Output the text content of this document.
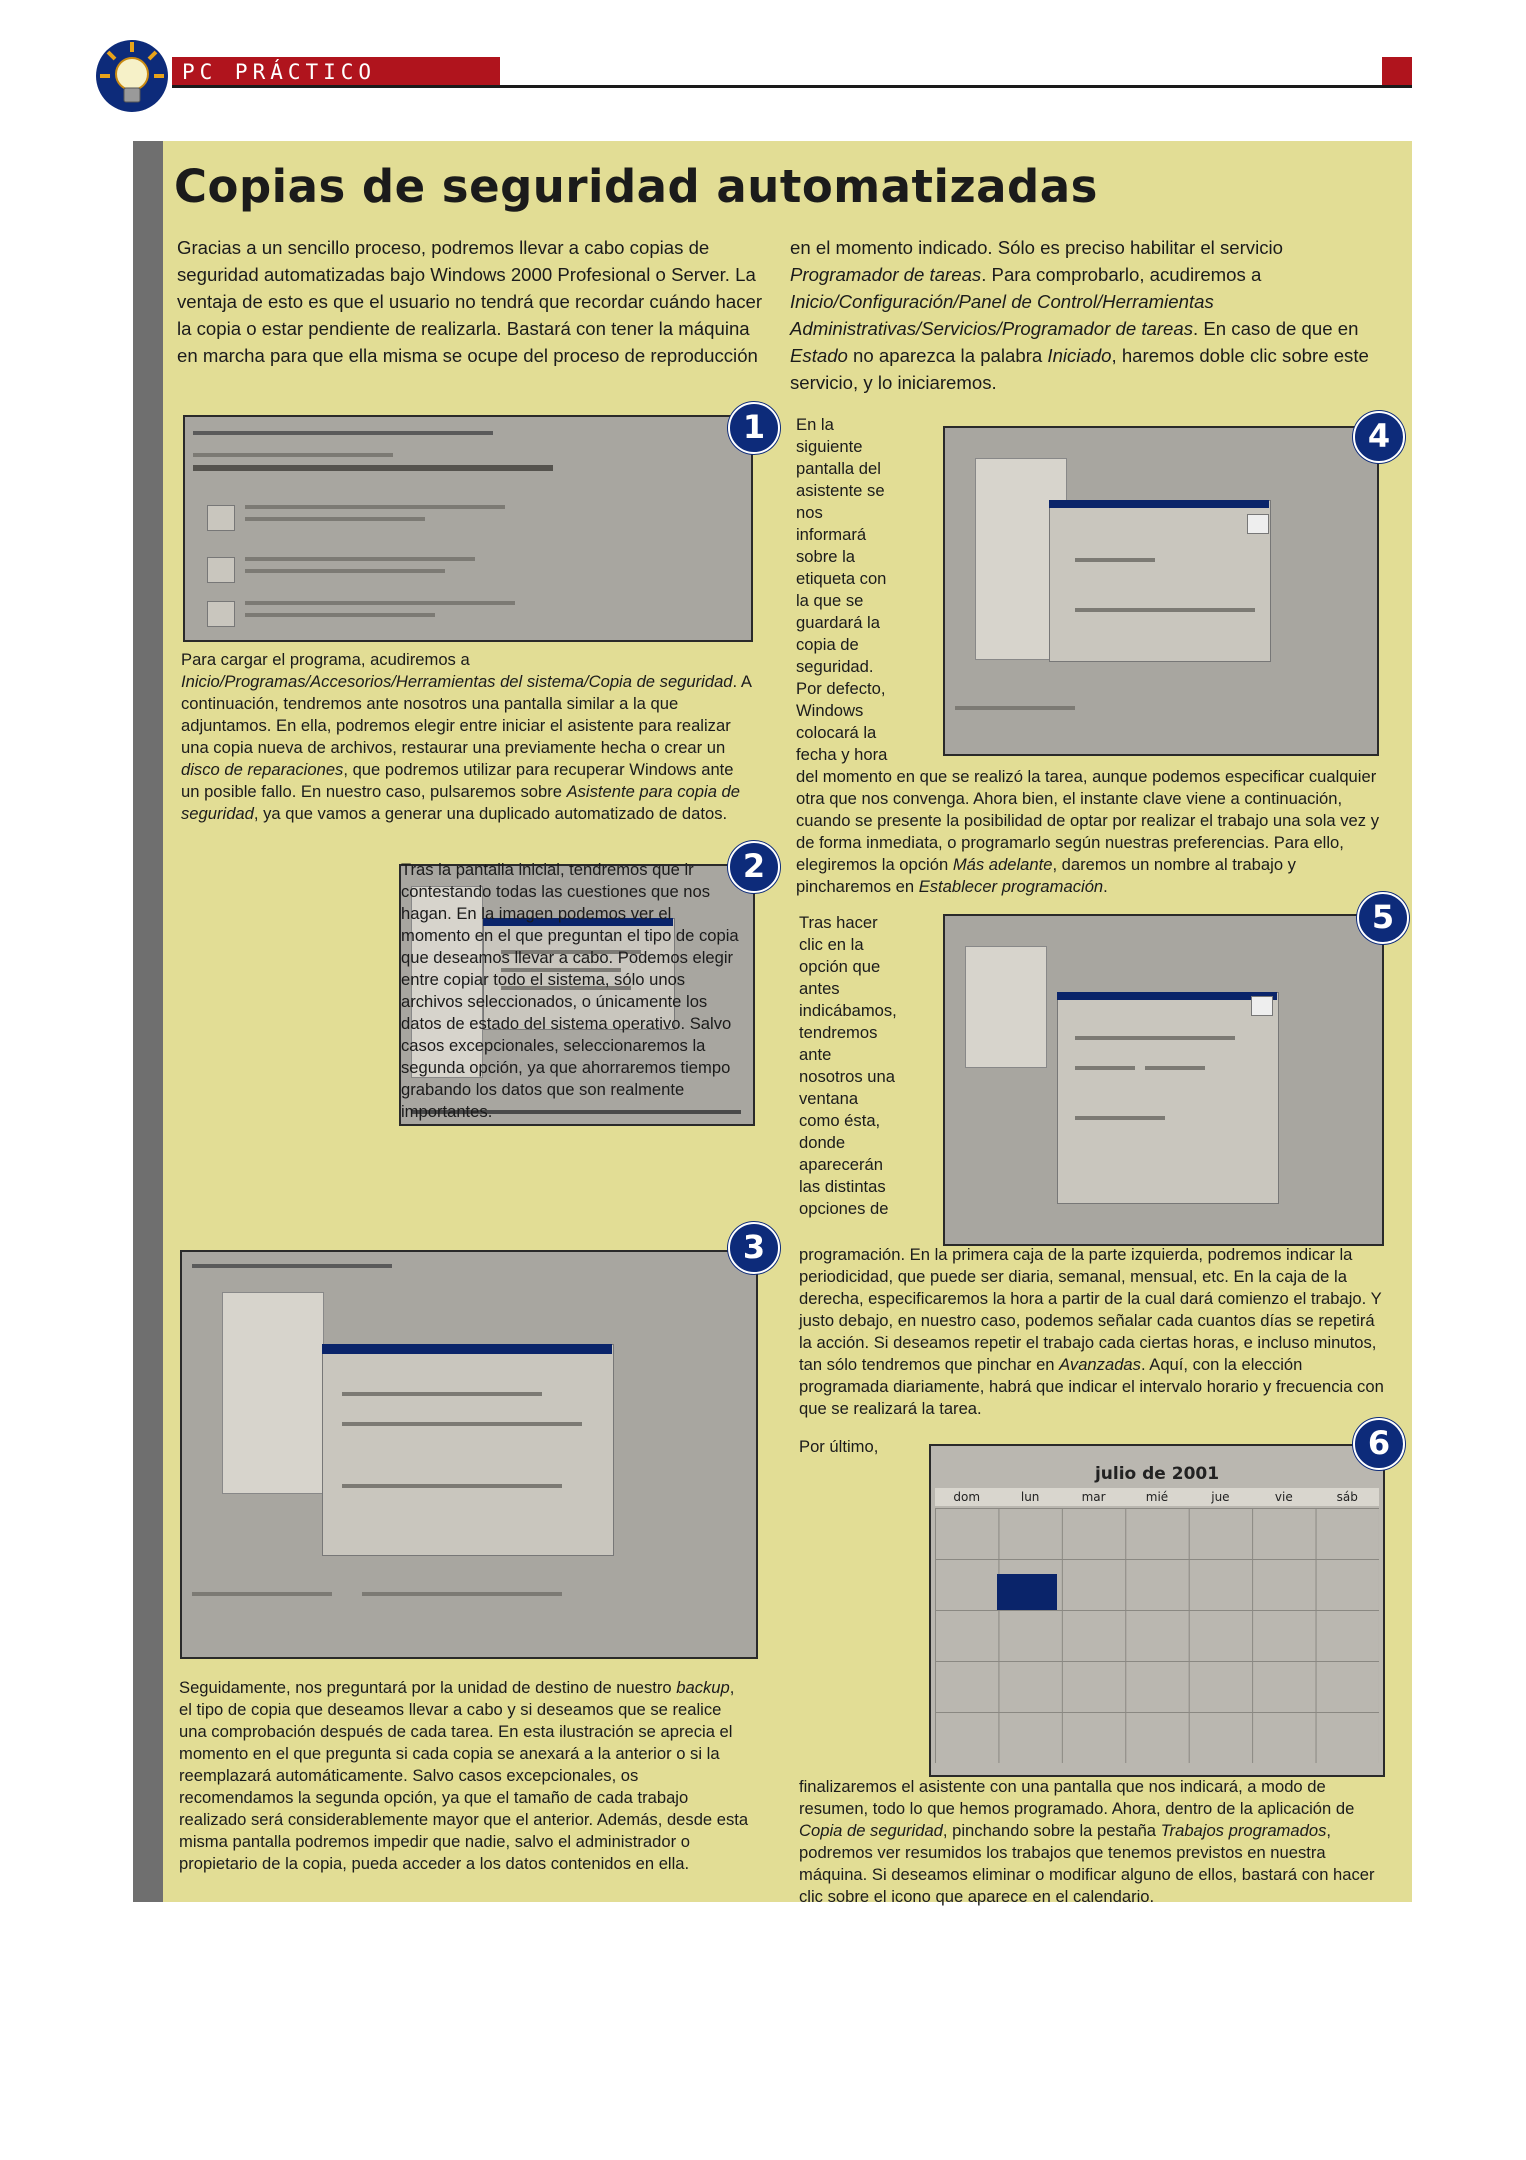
PC PRÁCTICO
Copias de seguridad automatizadas

Gracias a un sencillo proceso, podremos llevar a cabo copias de seguridad automatizadas bajo Windows 2000 Profesional o Server. La ventaja de esto es que el usuario no tendrá que recordar cuándo hacer la copia o estar pendiente de realizarla. Bastará con tener la máquina en marcha para que ella misma se ocupe del proceso de reproducción

en el momento indicado. Sólo es preciso habilitar el servicio Programador de tareas. Para comprobarlo, acudiremos a Inicio/Configuración/Panel de Control/Herramientas Administrativas/Servicios/Programador de tareas. En caso de que en Estado no aparezca la palabra Iniciado, haremos doble clic sobre este servicio, y lo iniciaremos.

1

Para cargar el programa, acudiremos a Inicio/Programas/Accesorios/Herramientas del sistema/Copia de seguridad. A continuación, tendremos ante nosotros una pantalla similar a la que adjuntamos. En ella, podremos elegir entre iniciar el asistente para realizar una copia nueva de archivos, restaurar una previamente hecha o crear un disco de reparaciones, que podremos utilizar para recuperar Windows ante un posible fallo. En nuestro caso, pulsaremos sobre Asistente para copia de seguridad, ya que vamos a generar una duplicado automatizado de datos.

2

Tras la pantalla inicial, tendremos que ir contestando todas las cuestiones que nos hagan. En la imagen podemos ver el momento en el que preguntan el tipo de copia que deseamos llevar a cabo. Podemos elegir entre copiar todo el sistema, sólo unos archivos seleccionados, o únicamente los datos de estado del sistema operativo. Salvo casos excepcionales, seleccionaremos la segunda opción, ya que ahorraremos tiempo grabando los datos que son realmente importantes.

3

Seguidamente, nos preguntará por la unidad de destino de nuestro backup, el tipo de copia que deseamos llevar a cabo y si deseamos que se realice una comprobación después de cada tarea. En esta ilustración se aprecia el momento en el que pregunta si cada copia se anexará a la anterior o si la reemplazará automáticamente. Salvo casos excepcionales, os recomendamos la segunda opción, ya que el tamaño de cada trabajo realizado será considerablemente mayor que el anterior. Además, desde esta misma pantalla podremos impedir que nadie, salvo el administrador o propietario de la copia, pueda acceder a los datos contenidos en ella.

4

En la siguiente pantalla del asistente se nos informará sobre la etiqueta con la que se guardará la copia de seguridad. Por defecto, Windows colocará la fecha y hora del momento en que se realizó la tarea, aunque podemos especificar cualquier otra que nos convenga. Ahora bien, el instante clave viene a continuación, cuando se presente la posibilidad de optar por realizar el trabajo una sola vez y de forma inmediata, o programarlo según nuestras preferencias. Para ello, elegiremos la opción Más adelante, daremos un nombre al trabajo y pincharemos en Establecer programación.

5

Tras hacer clic en la opción que antes indicábamos, tendremos ante nosotros una ventana como ésta, donde aparecerán las distintas opciones de programación. En la primera caja de la parte izquierda, podremos indicar la periodicidad, que puede ser diaria, semanal, mensual, etc. En la caja de la derecha, especificaremos la hora a partir de la cual dará comienzo el trabajo. Y justo debajo, en nuestro caso, podemos señalar cada cuantos días se repetirá la acción. Si deseamos repetir el trabajo cada ciertas horas, e incluso minutos, tan sólo tendremos que pinchar en Avanzadas. Aquí, con la elección programada diariamente, habrá que indicar el intervalo horario y frecuencia con que se realizará la tarea.

julio de 2001
dom	lun	mar	mié	jue	vie	sáb
6

Por último, finalizaremos el asistente con una pantalla que nos indicará, a modo de resumen, todo lo que hemos programado. Ahora, dentro de la aplicación de Copia de seguridad, pinchando sobre la pestaña Trabajos programados, podremos ver resumidos los trabajos que tenemos previstos en nuestra máquina. Si deseamos eliminar o modificar alguno de ellos, bastará con hacer clic sobre el icono que aparece en el calendario.
